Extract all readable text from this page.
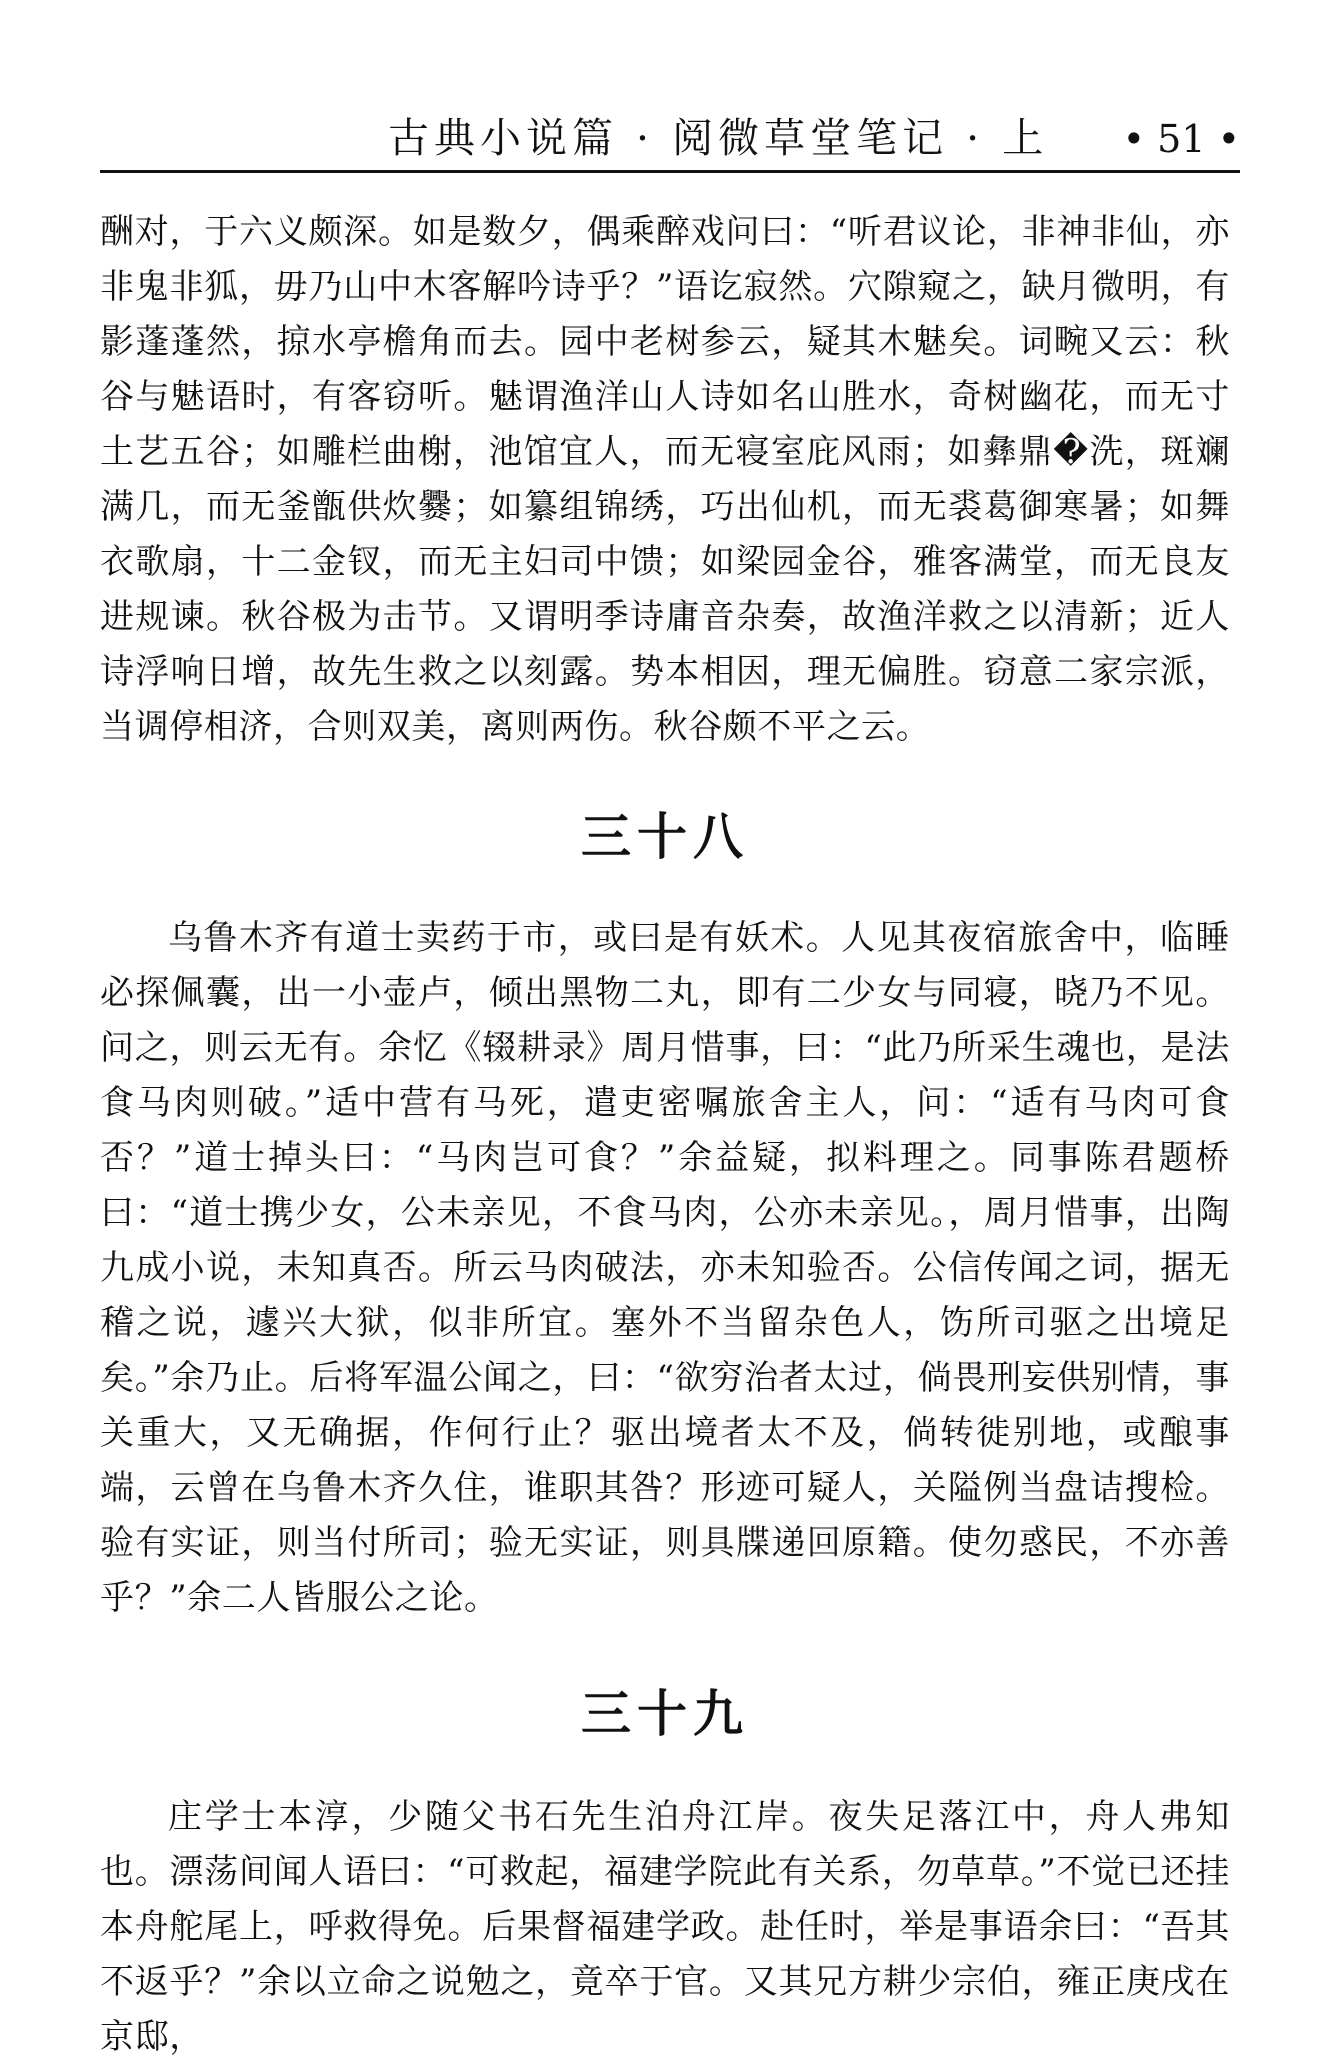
古典小说篇 · 阅微草堂笔记 · 上 • 51 •

酬对，于六义颇深。如是数夕，偶乘醉戏问曰：“听君议论，非神非仙，亦非鬼非狐，毋乃山中木客解吟诗乎？”语讫寂然。穴隙窥之，缺月微明，有影蓬蓬然，掠水亭檐角而去。园中老树参云，疑其木魅矣。词畹又云：秋谷与魅语时，有客窃听。魅谓渔洋山人诗如名山胜水，奇树幽花，而无寸土艺五谷；如雕栏曲榭，池馆宜人，而无寝室庇风雨；如彝鼎�洗，斑斓满几，而无釜甑供炊爨；如纂组锦绣，巧出仙机，而无裘葛御寒暑；如舞衣歌扇，十二金钗，而无主妇司中馈；如梁园金谷，雅客满堂，而无良友进规谏。秋谷极为击节。又谓明季诗庸音杂奏，故渔洋救之以清新；近人诗浮响日增，故先生救之以刻露。势本相因，理无偏胜。窃意二家宗派，当调停相济，合则双美，离则两伤。秋谷颇不平之云。

三十八

乌鲁木齐有道士卖药于市，或曰是有妖术。人见其夜宿旅舍中，临睡必探佩囊，出一小壶卢，倾出黑物二丸，即有二少女与同寝，晓乃不见。问之，则云无有。余忆《辍耕录》周月惜事，曰：“此乃所采生魂也，是法食马肉则破。”适中营有马死，遣吏密嘱旅舍主人，问：“适有马肉可食否？”道士掉头曰：“马肉岂可食？”余益疑，拟料理之。同事陈君题桥曰：“道士携少女，公未亲见，不食马肉，公亦未亲见。，周月惜事，出陶九成小说，未知真否。所云马肉破法，亦未知验否。公信传闻之词，据无稽之说，遽兴大狱，似非所宜。塞外不当留杂色人，饬所司驱之出境足矣。”余乃止。后将军温公闻之，曰：“欲穷治者太过，倘畏刑妄供别情，事关重大，又无确据，作何行止？驱出境者太不及，倘转徙别地，或酿事端，云曾在乌鲁木齐久住，谁职其咎？形迹可疑人，关隘例当盘诘搜检。验有实证，则当付所司；验无实证，则具牒递回原籍。使勿惑民，不亦善乎？”余二人皆服公之论。

三十九

庄学士本淳，少随父书石先生泊舟江岸。夜失足落江中，舟人弗知也。漂荡间闻人语曰：“可救起，福建学院此有关系，勿草草。”不觉已还挂本舟舵尾上，呼救得免。后果督福建学政。赴任时，举是事语余曰：“吾其不返乎？”余以立命之说勉之，竟卒于官。又其兄方耕少宗伯，雍正庚戌在京邸，
